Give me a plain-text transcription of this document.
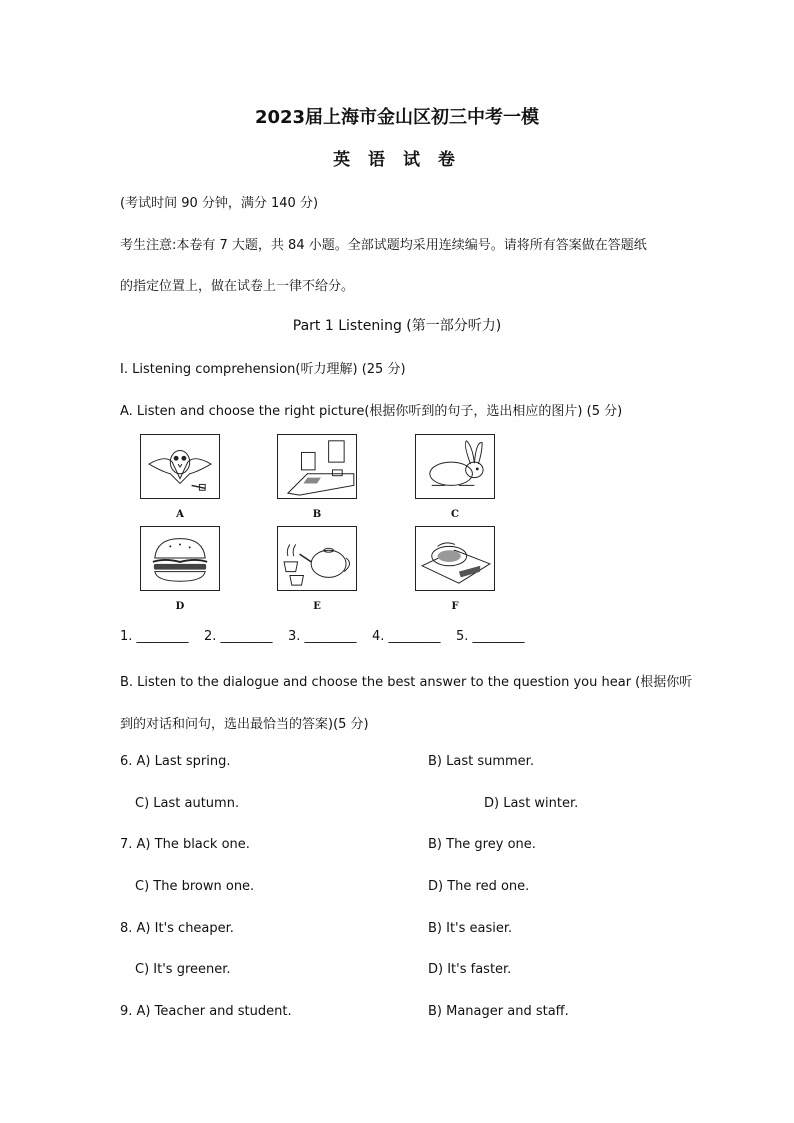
2023届上海市金山区初三中考一模
英 语 试 卷
(考试时间 90 分钟，满分 140 分)
考生注意:本卷有 7 大题，共 84 小题。全部试题均采用连续编号。请将所有答案做在答题纸
的指定位置上，做在试卷上一律不给分。
Part 1 Listening (第一部分听力)
I. Listening comprehension(听力理解) (25 分)
A. Listen and choose the right picture(根据你听到的句子，选出相应的图片) (5 分)
A	B	C
D	E	F
1. ________ 2. ________ 3. ________ 4. ________ 5. ________
B. Listen to the dialogue and choose the best answer to the question you hear (根据你听
到的对话和问句，选出最恰当的答案)(5 分)
6. A) Last spring.	B) Last summer.
C) Last autumn.	D) Last winter.
7. A) The black one.	B) The grey one.
C) The brown one.	D) The red one.
8. A) It's cheaper.	B) It's easier.
C) It's greener.	D) It's faster.
9. A) Teacher and student.	B) Manager and staff.
